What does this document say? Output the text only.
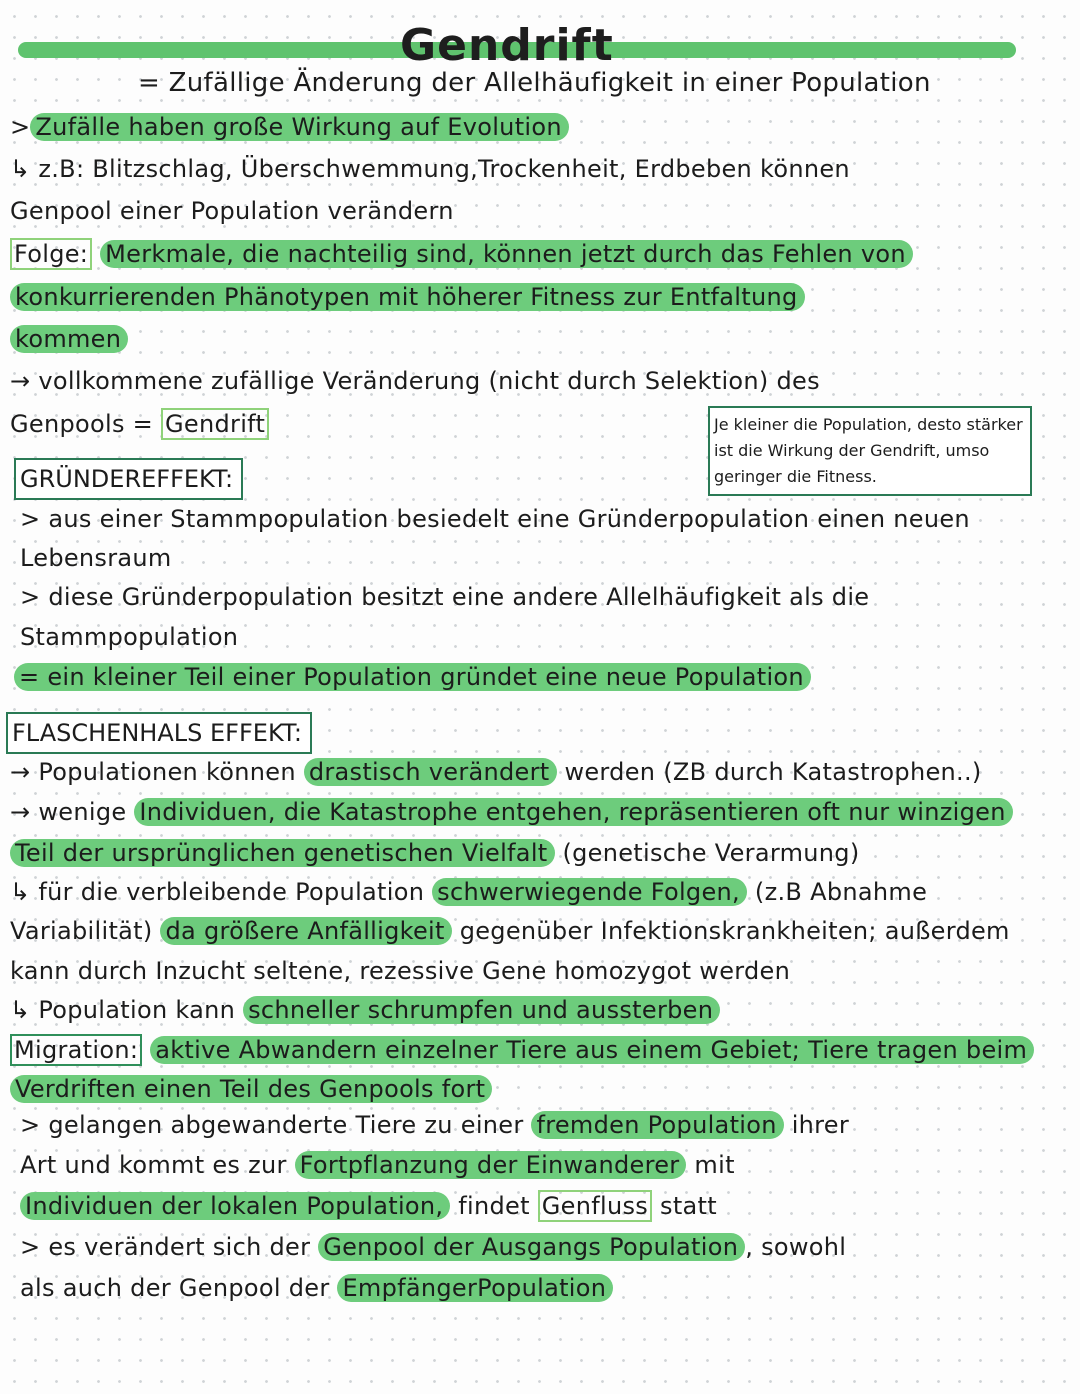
Gendrift
= Zufällige Änderung der Allelhäufigkeit in einer Population
> Zufälle haben große Wirkung auf Evolution
↳ z.B: Blitzschlag, Überschwemmung,Trockenheit, Erdbeben können
Genpool einer Population verändern
Folge: Merkmale, die nachteilig sind, können jetzt durch das Fehlen von
konkurrierenden Phänotypen mit höherer Fitness zur Entfaltung
kommen
→ vollkommene zufällige Veränderung (nicht durch Selektion) des
Genpools = Gendrift	Je kleiner die Population, desto stärker ist die Wirkung der Gendrift, umso geringer die Fitness.
GRÜNDEREFFEKT:
> aus einer Stammpopulation besiedelt eine Gründerpopulation einen neuen
Lebensraum
> diese Gründerpopulation besitzt eine andere Allelhäufigkeit als die
Stammpopulation
= ein kleiner Teil einer Population gründet eine neue Population
FLASCHENHALS EFFEKT:
→ Populationen können drastisch verändert werden (ZB durch Katastrophen..)
→ wenige Individuen, die Katastrophe entgehen, repräsentieren oft nur winzigen
Teil der ursprünglichen genetischen Vielfalt (genetische Verarmung)
↳ für die verbleibende Population schwerwiegende Folgen, (z.B Abnahme
Variabilität) da größere Anfälligkeit gegenüber Infektionskrankheiten; außerdem
kann durch Inzucht seltene, rezessive Gene homozygot werden
↳ Population kann schneller schrumpfen und aussterben
Migration: aktive Abwandern einzelner Tiere aus einem Gebiet; Tiere tragen beim
Verdriften einen Teil des Genpools fort
> gelangen abgewanderte Tiere zu einer fremden Population ihrer
Art und kommt es zur Fortpflanzung der Einwanderer mit
Individuen der lokalen Population, findet Genfluss statt
> es verändert sich der Genpool der Ausgangs Population , sowohl
als auch der Genpool der EmpfängerPopulation
